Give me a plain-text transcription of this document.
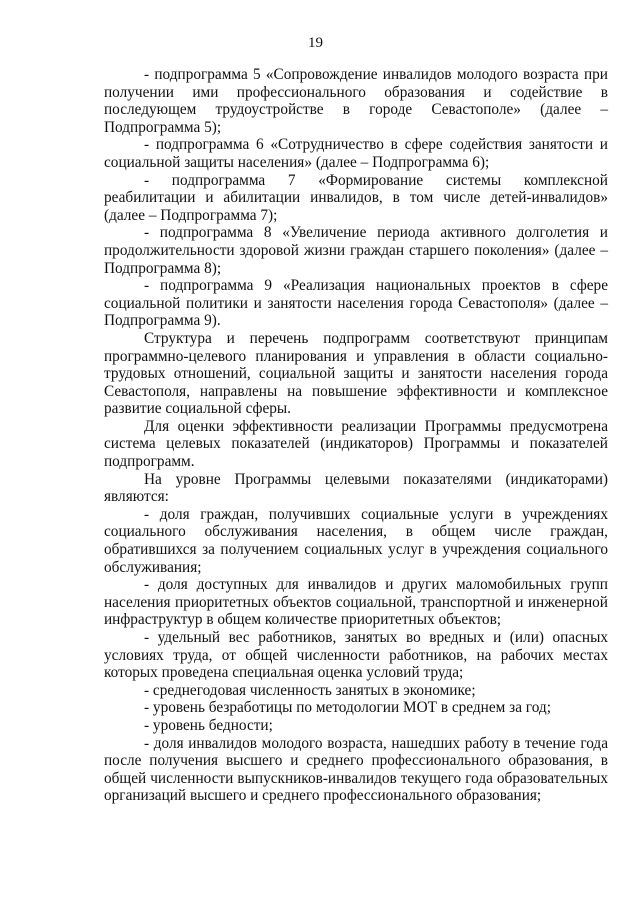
19

- подпрограмма 5 «Сопровождение инвалидов молодого возраста при получении ими профессионального образования и содействие в последующем трудоустройстве в городе Севастополе» (далее – Подпрограмма 5);

- подпрограмма 6 «Сотрудничество в сфере содействия занятости и социальной защиты населения» (далее – Подпрограмма 6);

- подпрограмма 7 «Формирование системы комплексной реабилитации и абилитации инвалидов, в том числе детей-инвалидов» (далее – Подпрограмма 7);

- подпрограмма 8 «Увеличение периода активного долголетия и продолжительности здоровой жизни граждан старшего поколения» (далее – Подпрограмма 8);

- подпрограмма 9 «Реализация национальных проектов в сфере социальной политики и занятости населения города Севастополя» (далее – Подпрограмма 9).

Структура и перечень подпрограмм соответствуют принципам программно-целевого планирования и управления в области социально-трудовых отношений, социальной защиты и занятости населения города Севастополя, направлены на повышение эффективности и комплексное развитие социальной сферы.

Для оценки эффективности реализации Программы предусмотрена система целевых показателей (индикаторов) Программы и показателей подпрограмм.

На уровне Программы целевыми показателями (индикаторами) являются:

- доля граждан, получивших социальные услуги в учреждениях социального обслуживания населения, в общем числе граждан, обратившихся за получением социальных услуг в учреждения социального обслуживания;

- доля доступных для инвалидов и других маломобильных групп населения приоритетных объектов социальной, транспортной и инженерной инфраструктур в общем количестве приоритетных объектов;

- удельный вес работников, занятых во вредных и (или) опасных условиях труда, от общей численности работников, на рабочих местах которых проведена специальная оценка условий труда;

- среднегодовая численность занятых в экономике;

- уровень безработицы по методологии МОТ в среднем за год;

- уровень бедности;

- доля инвалидов молодого возраста, нашедших работу в течение года после получения высшего и среднего профессионального образования, в общей численности выпускников-инвалидов текущего года образовательных организаций высшего и среднего профессионального образования;
